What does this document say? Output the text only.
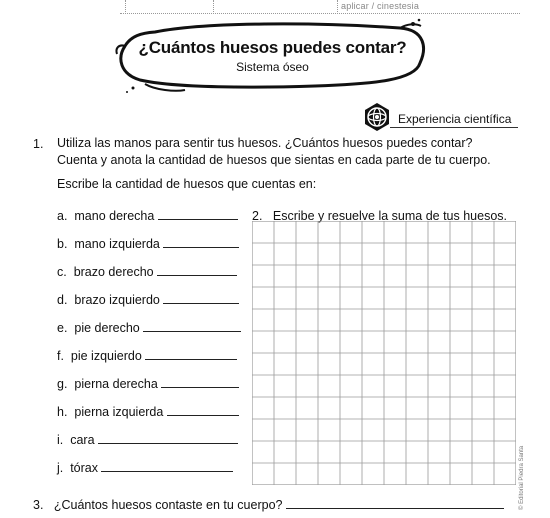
aplicar / cinestesia
¿Cuántos huesos puedes contar?
Sistema óseo
Experiencia científica
1. Utiliza las manos para sentir tus huesos. ¿Cuántos huesos puedes contar?
Cuenta y anota la cantidad de huesos que sientas en cada parte de tu cuerpo.
Escribe la cantidad de huesos que cuentas en:
a. mano derecha
b. mano izquierda
c. brazo derecho
d. brazo izquierdo
e. pie derecho
f. pie izquierdo
g. pierna derecha
h. pierna izquierda
i. cara
j. tórax
2. Escribe y resuelve la suma de tus huesos.
3. ¿Cuántos huesos contaste en tu cuerpo?	© Editorial Piedra Santa
